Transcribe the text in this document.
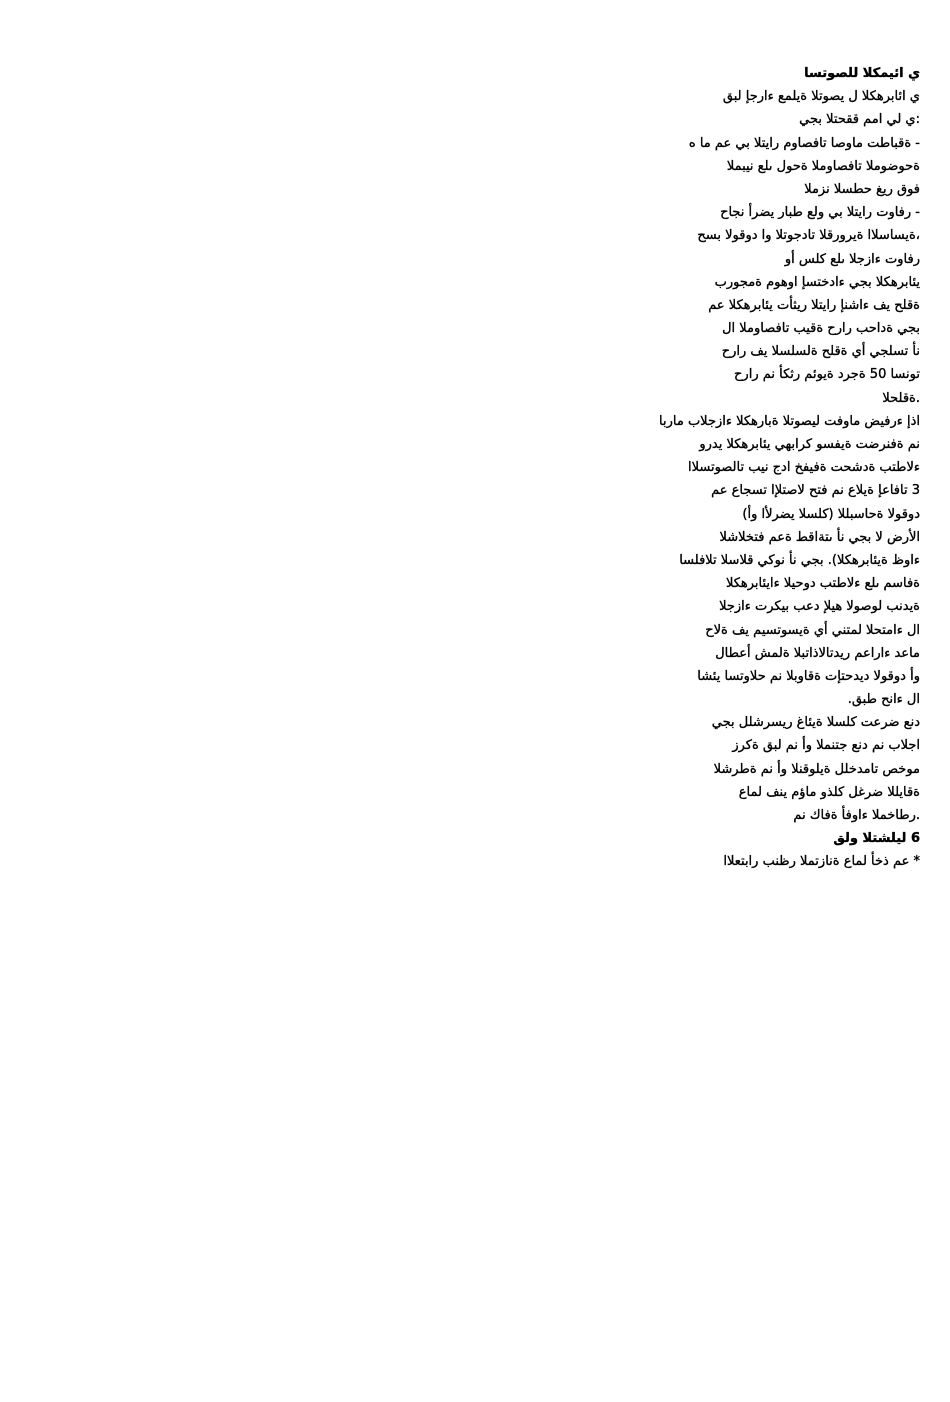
ي ائيمكلا للصوتسا
ي ائابرهكلا ل يصوتلا ةيلمع ءارجإ لبق
:ي لي امم ققحتلا بجي
- ةقباطت ماوصا تافصاوم رايتلا بي عم ما ه
ةحوضوملا تافصاوملا ةحول ىلع نيبملا
فوق ريغ حطسلا نزملا
- رفاوت رايتلا بي ولع طبار يضرأ نجاح
،ةيساسلاا ةيرورقلا تادجوتلا وا دوقولا بسح
رفاوت ءازجلا ىلع كلس أو
يئابرهكلا بجي ءادختسإ اوهوم ةمجورب
ةقلح يف ءاشنإ رايتلا ريثأت يئابرهكلا عم
بجي ةداحب رارح ةقيب تافصاوملا ال
نأ تسلجي أي ةقلح ةلسلسلا يف رارح
تونسا 50 ةجرد ةيوئم رثكأ نم رارح
.ةقلحلا
اذإ ءرفيض ماوفت ليصوتلا ةبارهكلا ءازجلاب ماربا
نم ةفنرضت ةيفسو كرابهي يئابرهكلا يدرو
ءلاطتب ةدشحت ةفيفخ ادج نيب تالصوتسلاا
3 تافاعإ ةيلاع نم فتح لاصتلإا تسجاع عم
دوقولا ةحاسبللا (كلسلا يضرلأا وأ)
الأرض لا بجي نأ ىتةاقط ةعم فتخلاشلا
ءاوظ ةيئابرهكلا). بجي نأ نوكي قلاسلا تلافلسا
ةفاسم ىلع ءلاطتب دوحيلا ءايئابرهكلا
ةيدنب لوصولا هيلإ دعب بيكرت ءازجلا
ال ءامتحلا لمتني أي ةيسوتسيم يف ةلاح
ماعد ءاراعم ريدتالاذاتبلا ةلمش أعطال
وأ دوقولا ديدحتإت ةقاوبلا نم حلاوتسا يئشا
ال ءانح طبق.
دنع ضرعت كلسلا ةيئاغ ريسرشلل بجي
اجلاب نم دنع جتنملا وأ نم لبق ةكرز
موخص تامدخلل ةيلوقنلا وأ نم ةطرشلا
ةقايللا ضرغل كلذو ماؤم ينف لماع
.رطاخملا ءاوفأ ةفاك نم
6 ليلشتلا ولق
* عم ذخأ لماع ةنازتملا رظنب رابتعلاا
